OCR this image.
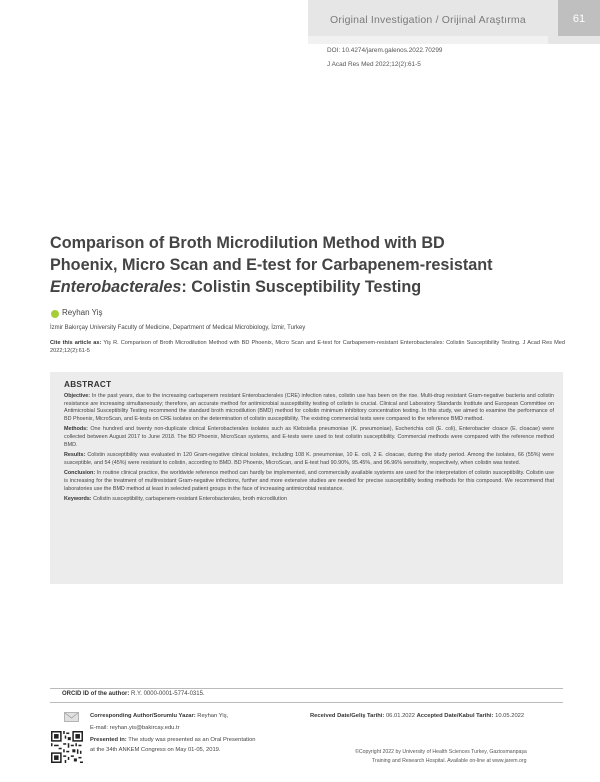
Original Investigation / Orijinal Araştırma	61
DOI: 10.4274/jarem.galenos.2022.70299
J Acad Res Med 2022;12(2):61-5
Comparison of Broth Microdilution Method with BD
Phoenix, Micro Scan and E-test for Carbapenem-resistant
Enterobacterales: Colistin Susceptibility Testing
Reyhan Yiş
İzmir Bakırçay University Faculty of Medicine, Department of Medical Microbiology, İzmir, Turkey
Cite this article as: Yiş R. Comparison of Broth Microdilution Method with BD Phoenix, Micro Scan and E-test for Carbapenem-resistant Enterobacterales: Colistin Susceptibility Testing. J Acad Res Med 2022;12(2):61-5
ABSTRACT

Objective: In the past years, due to the increasing carbapenem resistant Enterobacterales (CRE) infection rates, colistin use has been on the rise. Multi-drug resistant Gram-negative bacteria and colistin resistance are increasing simultaneously; therefore, an accurate method for antimicrobial susceptibility testing of colistin is crucial. Clinical and Laboratory Standards Institute and European Committee on Antimicrobial Susceptibility Testing recommend the standard broth microdilution (BMD) method for colistin minimum inhibitory concentration testing. In this study, we aimed to examine the performance of BD Phoenix, MicroScan, and E-tests on CRE isolates on the determination of colistin susceptibility. The existing commercial tests were compared to the reference BMD method.

Methods: One hundred and twenty non-duplicate clinical Enterobacterales isolates such as Klebsiella pneumoniae (K. pneumoniae), Escherichia coli (E. coli), Enterobacter cloace (E. cloacae) were collected between August 2017 to June 2018. The BD Phoenix, MicroScan systems, and E-tests were used to test colistin susceptibility. Commercial methods were compared with the reference method BMD.

Results: Colistin susceptibility was evaluated in 120 Gram-negative clinical isolates, including 108 K. pneumoniae, 10 E. coli, 2 E. cloacae, during the study period. Among the isolates, 66 (55%) were susceptible, and 54 (45%) were resistant to colistin, according to BMD. BD Phoenix, MicroScan, and E-test had 90.90%, 95.45%, and 96.96% sensitivity, respectively, when colistin was tested.

Conclusion: In routine clinical practice, the worldwide reference method can hardly be implemented, and commercially available systems are used for the interpretation of colistin susceptibility. Colistin use is increasing for the treatment of multiresistant Gram-negative infections, further and more extensive studies are needed for precise susceptibility testing methods for this compound. We recommend that laboratories use the BMD method at least in selected patient groups in the face of increasing antimicrobial resistance.

Keywords: Colistin susceptibility, carbapenem-resistant Enterobacterales, broth microdilution

ORCID ID of the author: R.Y. 0000-0001-5774-0315.
Corresponding Author/Sorumlu Yazar: Reyhan Yiş,
E-mail: reyhan.yis@bakircay.edu.tr
Presented in: The study was presented as an Oral Presentation
at the 34th ANKEM Congress on May 01-05, 2019.
Received Date/Geliş Tarihi: 06.01.2022 Accepted Date/Kabul Tarihi: 10.05.2022
©Copyright 2022 by University of Health Sciences Turkey, Gaziosmanpaşa
Training and Research Hospital. Available on-line at www.jarem.org
